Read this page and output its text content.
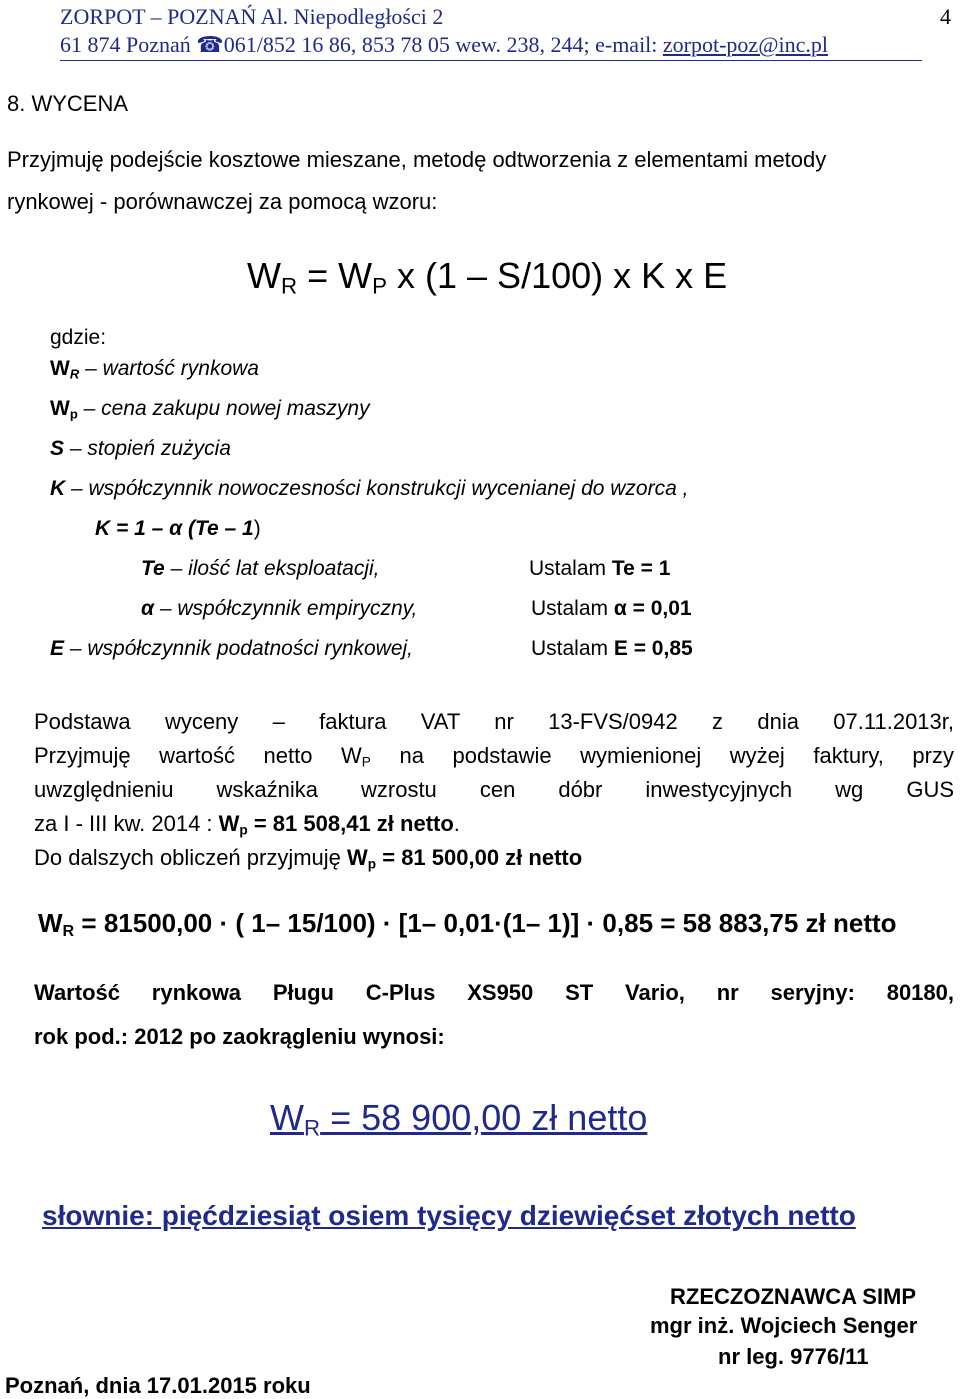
ZORPOT – POZNAŃ Al. Niepodległości 2	4
61 874 Poznań ☎ 061/852 16 86, 853 78 05 wew. 238, 244; e-mail: zorpot-poz@inc.pl
8. WYCENA
Przyjmuję podejście kosztowe mieszane, metodę odtworzenia z elementami metody
rynkowej - porównawczej za pomocą wzoru:
$W_R = W_P$ x (1 – S/100) x K x E
gdzie:
$W_R$ – wartość rynkowa
$W_p$ – cena zakupu nowej maszyny
S – stopień zużycia
K – współczynnik nowoczesności konstrukcji wycenianej do wzorca ,
K = 1 – α (Te – 1)
Te – ilość lat eksploatacji,	Ustalam Te = 1
α – współczynnik empiryczny,	Ustalam α = 0,01
E – współczynnik podatności rynkowej,	Ustalam E = 0,85
Podstawa wyceny – faktura VAT nr 13-FVS/0942 z dnia 07.11.2013r,
Przyjmuję wartość netto $W_P$ na podstawie wymienionej wyżej faktury, przy
uwzględnieniu wskaźnika wzrostu cen dóbr inwestycyjnych wg GUS
za I - III kw. 2014 : $W_p = 81$ 508,41 zł netto.
Do dalszych obliczeń przyjmuję $W_p = 81$ 500,00 zł netto
$W_R = 81500,00$ · ( 1– 15/100) · [1– 0,01·(1– 1)] · 0,85 = 58 883,75 zł netto
Wartość rynkowa Pługu C-Plus XS950 ST Vario, nr seryjny: 80180,
rok pod.: 2012 po zaokrągleniu wynosi:
$W_R = 58$ 900,00 zł netto
słownie: pięćdziesiąt osiem tysięcy dziewięćset złotych netto
RZECZOZNAWCA SIMP
mgr inż. Wojciech Senger
nr leg. 9776/11
Poznań, dnia 17.01.2015 roku
